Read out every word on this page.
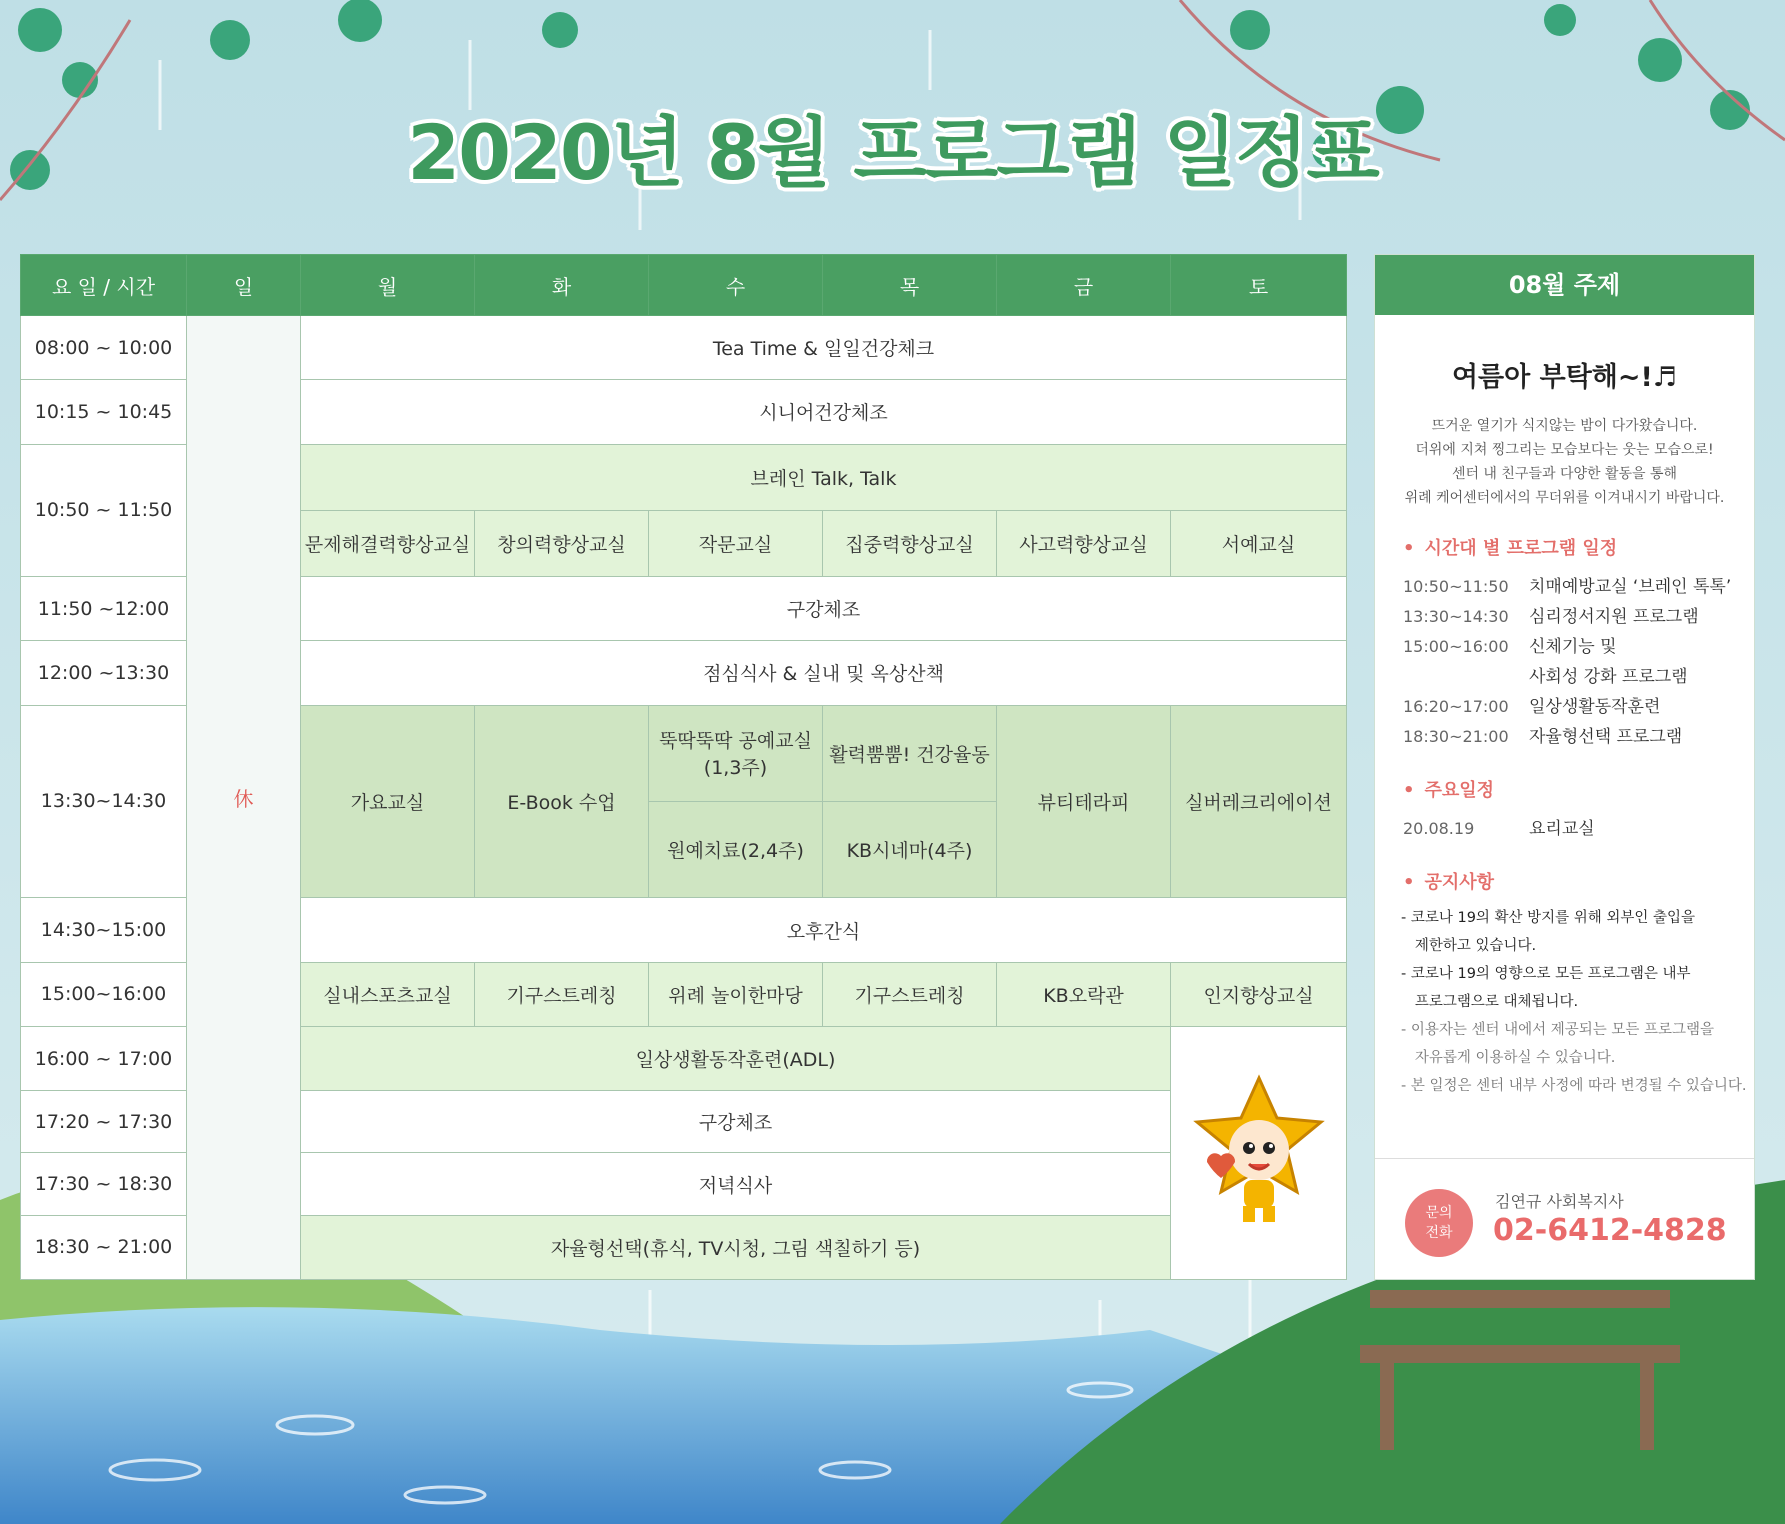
2020년 8월 프로그램 일정표
요 일 / 시간	일	월	화	수	목	금	토
08:00 ~ 10:00	休	Tea Time & 일일건강체크					
10:15 ~ 10:45		시니어건강체조					
10:50 ~ 11:50		브레인 Talk, Talk					
		문제해결력향상교실	창의력향상교실	작문교실	집중력향상교실	사고력향상교실	서예교실
11:50 ~12:00		구강체조					
12:00 ~13:30		점심식사 & 실내 및 옥상산책					
13:30~14:30		가요교실	E-Book 수업	뚝딱뚝딱 공예교실 (1,3주)	활력뿜뿜! 건강율동	뷰티테라피	실버레크리에이션
				원예치료(2,4주)	KB시네마(4주)		
14:30~15:00		오후간식					
15:00~16:00		실내스포츠교실	기구스트레칭	위례 놀이한마당	기구스트레칭	KB오락관	인지향상교실
16:00 ~ 17:00		일상생활동작훈련(ADL)	
17:20 ~ 17:30		구강체조					
17:30 ~ 18:30		저녁식사					
18:30 ~ 21:00		자율형선택(휴식, TV시청, 그림 색칠하기 등)					
08월 주제
여름아 부탁해~!♬
뜨거운 열기가 식지않는 밤이 다가왔습니다.
더위에 지쳐 찡그리는 모습보다는 웃는 모습으로!
센터 내 친구들과 다양한 활동을 통해
위례 케어센터에서의 무더위를 이겨내시기 바랍니다.
• 시간대 별 프로그램 일정
10:50~11:50	치매예방교실 ‘브레인 톡톡’
13:30~14:30	심리정서지원 프로그램
15:00~16:00	신체기능 및
사회성 강화 프로그램
16:20~17:00	일상생활동작훈련
18:30~21:00	자율형선택 프로그램
• 주요일정
20.08.19	요리교실
• 공지사항
- 코로나 19의 확산 방지를 위해 외부인 출입을
제한하고 있습니다.
- 코로나 19의 영향으로 모든 프로그램은 내부
프로그램으로 대체됩니다.
- 이용자는 센터 내에서 제공되는 모든 프로그램을
자유롭게 이용하실 수 있습니다.
- 본 일정은 센터 내부 사정에 따라 변경될 수 있습니다.
문의
전화
김연규 사회복지사
02-6412-4828
